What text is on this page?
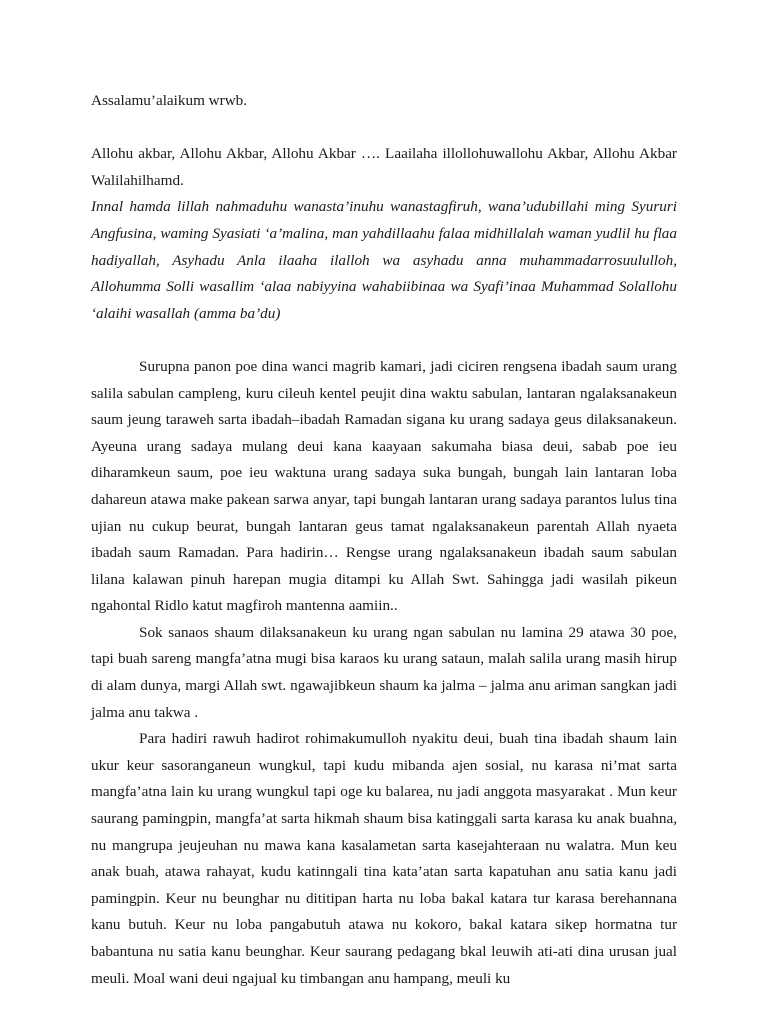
Assalamu’alaikum wrwb.

Allohu akbar, Allohu Akbar, Allohu Akbar …. Laailaha illollohuwallohu Akbar, Allohu Akbar Walilahilhamd.

Innal hamda lillah nahmaduhu wanasta’inuhu wanastagfiruh, wana’udubillahi ming Syururi Angfusina, waming Syasiati ‘a’malina, man yahdillaahu falaa midhillalah waman yudlil hu flaa hadiyallah, Asyhadu Anla ilaaha ilalloh wa asyhadu anna muhammadarrosuululloh, Allohumma Solli wasallim ‘alaa nabiyyina wahabiibinaa wa Syafi’inaa Muhammad Solallohu ‘alaihi wasallah (amma ba’du)

Surupna panon poe dina wanci magrib kamari, jadi ciciren rengsena ibadah saum urang salila sabulan campleng, kuru cileuh kentel peujit dina waktu sabulan, lantaran ngalaksanakeun saum jeung taraweh sarta ibadah–ibadah Ramadan sigana ku urang sadaya geus dilaksanakeun. Ayeuna urang sadaya mulang deui kana kaayaan sakumaha biasa deui, sabab poe ieu diharamkeun saum, poe ieu waktuna urang sadaya suka bungah, bungah lain lantaran loba dahareun atawa make pakean sarwa anyar, tapi bungah lantaran urang sadaya parantos lulus tina ujian nu cukup beurat, bungah lantaran geus tamat ngalaksanakeun parentah Allah nyaeta ibadah saum Ramadan. Para hadirin… Rengse urang ngalaksanakeun ibadah saum sabulan lilana kalawan pinuh harepan mugia ditampi ku Allah Swt. Sahingga jadi wasilah pikeun ngahontal Ridlo katut magfiroh mantenna aamiin..

Sok sanaos shaum dilaksanakeun ku urang ngan sabulan nu lamina 29 atawa 30 poe, tapi buah sareng mangfa’atna mugi bisa karaos ku urang sataun, malah salila urang masih hirup di alam dunya, margi Allah swt. ngawajibkeun shaum ka jalma – jalma anu ariman sangkan jadi jalma anu takwa .

Para hadiri rawuh hadirot rohimakumulloh nyakitu deui, buah tina ibadah shaum lain ukur keur sasoranganeun wungkul, tapi kudu mibanda ajen sosial, nu karasa ni’mat sarta mangfa’atna lain ku urang wungkul tapi oge ku balarea, nu jadi anggota masyarakat . Mun keur saurang pamingpin, mangfa’at sarta hikmah shaum bisa katinggali sarta karasa ku anak buahna, nu mangrupa jeujeuhan nu mawa kana kasalametan sarta kasejahteraan nu walatra. Mun keu anak buah, atawa rahayat, kudu katinngali tina kata’atan sarta kapatuhan anu satia kanu jadi pamingpin. Keur nu beunghar nu dititipan harta nu loba bakal katara tur karasa berehannana kanu butuh. Keur nu loba pangabutuh atawa nu kokoro, bakal katara sikep hormatna tur babantuna nu satia kanu beunghar. Keur saurang pedagang bkal leuwih ati-ati dina urusan jual meuli. Moal wani deui ngajual ku timbangan anu hampang, meuli ku
